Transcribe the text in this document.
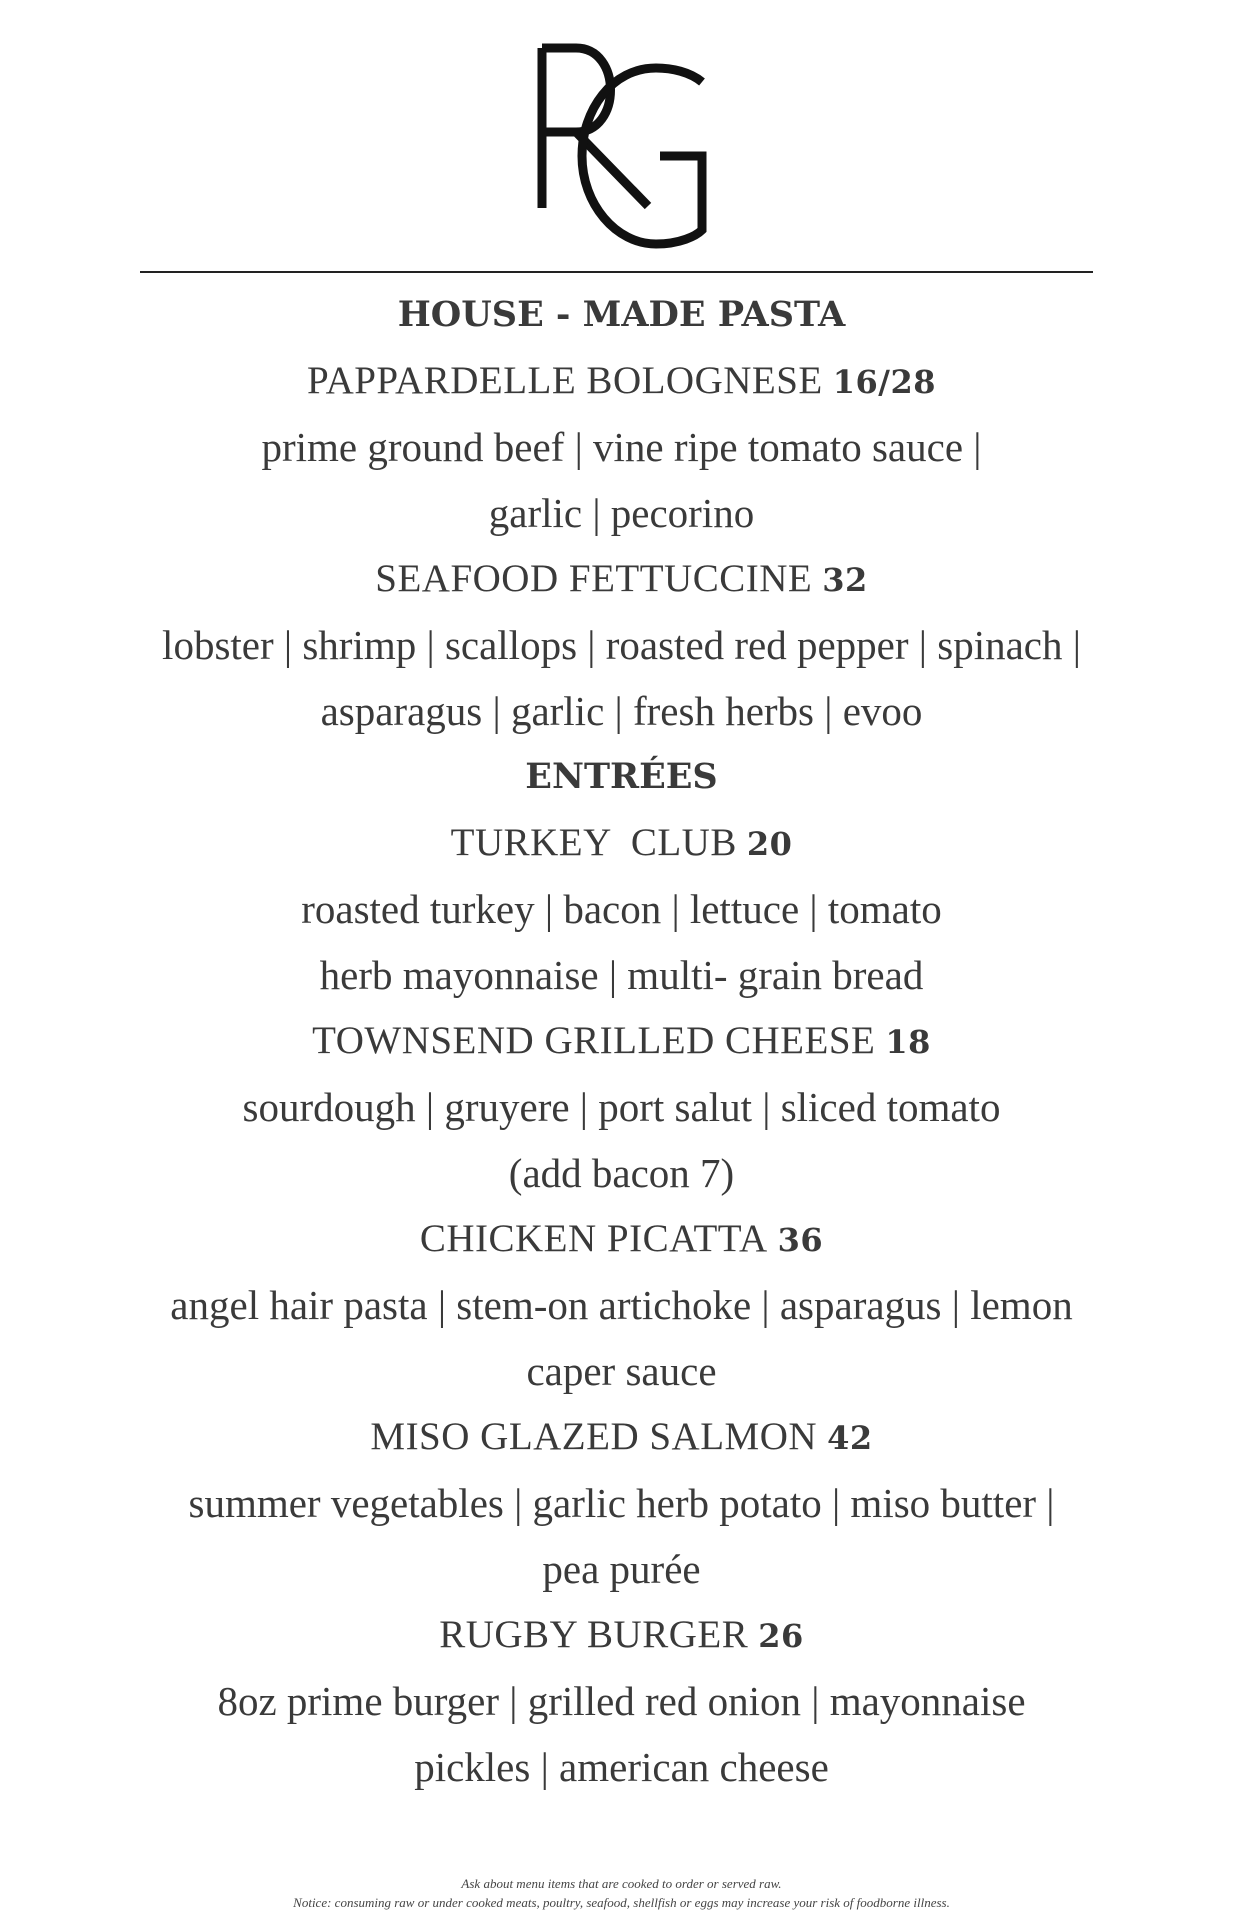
HOUSE - MADE PASTA
PAPPARDELLE BOLOGNESE 16/28
prime ground beef | vine ripe tomato sauce |
garlic | pecorino
SEAFOOD FETTUCCINE 32
lobster | shrimp | scallops | roasted red pepper | spinach |
asparagus | garlic | fresh herbs | evoo
ENTRÉES
TURKEY  CLUB 20
roasted turkey | bacon | lettuce | tomato
herb mayonnaise | multi- grain bread
TOWNSEND GRILLED CHEESE 18
sourdough | gruyere | port salut | sliced tomato
(add bacon 7)
CHICKEN PICATTA 36
angel hair pasta | stem-on artichoke | asparagus | lemon
caper sauce
MISO GLAZED SALMON 42
summer vegetables | garlic herb potato | miso butter |
pea purée
RUGBY BURGER 26
8oz prime burger | grilled red onion | mayonnaise
pickles | american cheese
Ask about menu items that are cooked to order or served raw.
Notice: consuming raw or under cooked meats, poultry, seafood, shellfish or eggs may increase your risk of foodborne illness.
